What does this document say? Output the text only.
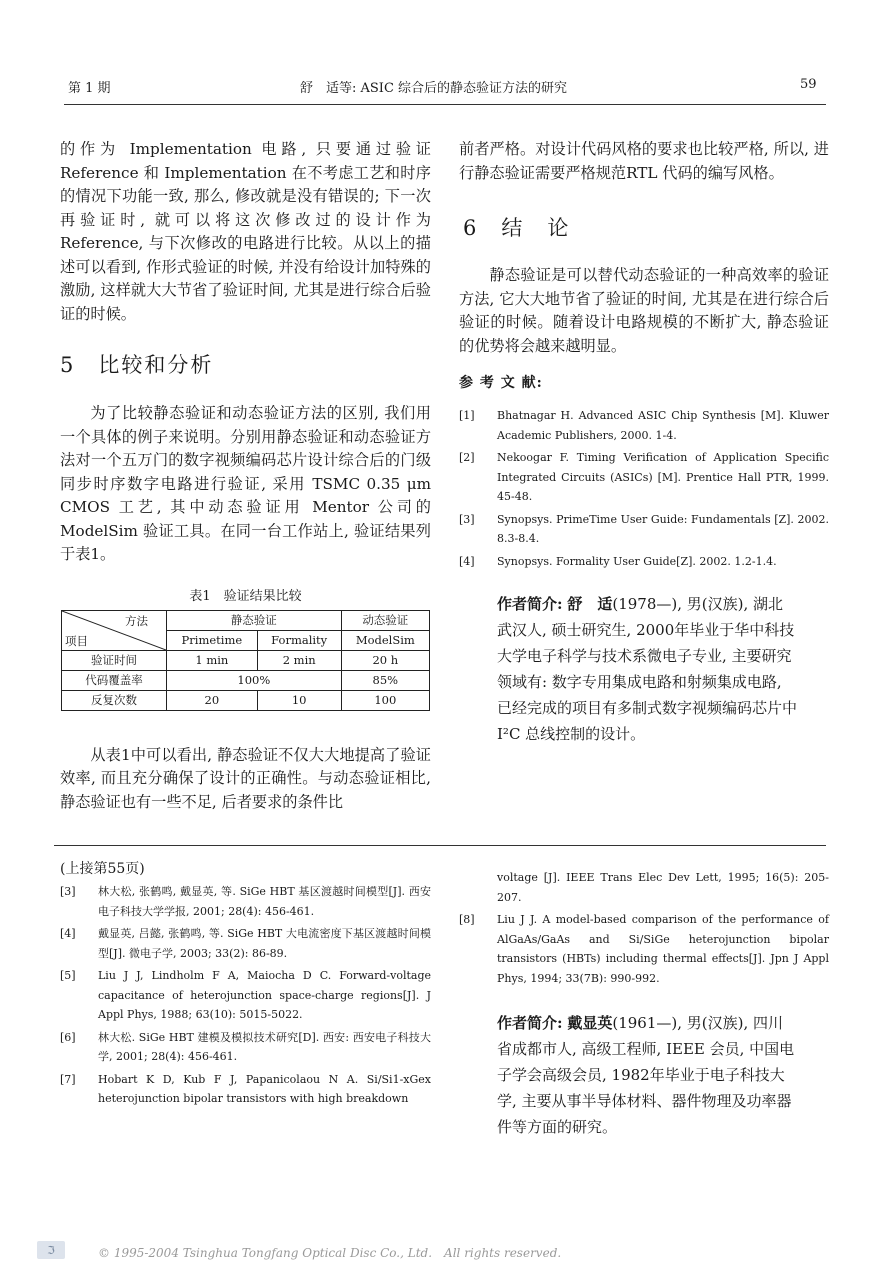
第 1 期	舒　适等: ASIC 综合后的静态验证方法的研究	59

的作为 Implementation 电路, 只要通过验证 Reference 和 Implementation 在不考虑工艺和时序的情况下功能一致, 那么, 修改就是没有错误的; 下一次再验证时, 就可以将这次修改过的设计作为 Reference, 与下次修改的电路进行比较。从以上的描述可以看到, 作形式验证的时候, 并没有给设计加特殊的激励, 这样就大大节省了验证时间, 尤其是进行综合后验证的时候。

5　比较和分析

为了比较静态验证和动态验证方法的区别, 我们用一个具体的例子来说明。分别用静态验证和动态验证方法对一个五万门的数字视频编码芯片设计综合后的门级同步时序数字电路进行验证, 采用 TSMC 0.35 μm CMOS 工艺, 其中动态验证用 Mentor 公司的ModelSim 验证工具。在同一台工作站上, 验证结果列于表1。

表1　验证结果比较
方法
项目	静态验证		动态验证
	Primetime	Formality	ModelSim
验证时间	1 min	2 min	20 h
代码覆盖率	100%		85%
反复次数	20	10	100

从表1中可以看出, 静态验证不仅大大地提高了验证效率, 而且充分确保了设计的正确性。与动态验证相比, 静态验证也有一些不足, 后者要求的条件比

前者严格。对设计代码风格的要求也比较严格, 所以, 进行静态验证需要严格规范RTL 代码的编写风格。

6　结　论

静态验证是可以替代动态验证的一种高效率的验证方法, 它大大地节省了验证的时间, 尤其是在进行综合后验证的时候。随着设计电路规模的不断扩大, 静态验证的优势将会越来越明显。

参 考 文 献:
[1] Bhatnagar H. Advanced ASIC Chip Synthesis [M]. Kluwer Academic Publishers, 2000. 1-4.
[2] Nekoogar F. Timing Verification of Application Specific Integrated Circuits (ASICs) [M]. Prentice Hall PTR, 1999. 45-48.
[3] Synopsys. PrimeTime User Guide: Fundamentals [Z]. 2002. 8.3-8.4.
[4] Synopsys. Formality User Guide[Z]. 2002. 1.2-1.4.

作者简介: 舒　适(1978—), 男(汉族), 湖北武汉人, 硕士研究生, 2000年毕业于华中科技大学电子科学与技术系微电子专业, 主要研究领域有: 数字专用集成电路和射频集成电路, 已经完成的项目有多制式数字视频编码芯片中 I²C 总线控制的设计。

(上接第55页)
[3] 林大松, 张鹤鸣, 戴显英, 等. SiGe HBT 基区渡越时间模型[J]. 西安电子科技大学学报, 2001; 28(4): 456-461.
[4] 戴显英, 吕懿, 张鹤鸣, 等. SiGe HBT 大电流密度下基区渡越时间模型[J]. 微电子学, 2003; 33(2): 86-89.
[5] Liu J J, Lindholm F A, Maiocha D C. Forward-voltage capacitance of heterojunction space-charge regions[J]. J Appl Phys, 1988; 63(10): 5015-5022.
[6] 林大松. SiGe HBT 建模及模拟技术研究[D]. 西安: 西安电子科技大学, 2001; 28(4): 456-461.
[7] Hobart K D, Kub F J, Papanicolaou N A. Si/Si1-xGex heterojunction bipolar transistors with high breakdown
voltage [J]. IEEE Trans Elec Dev Lett, 1995; 16(5): 205-207.
[8] Liu J J. A model-based comparison of the performance of AlGaAs/GaAs and Si/SiGe heterojunction bipolar transistors (HBTs) including thermal effects[J]. Jpn J Appl Phys, 1994; 33(7B): 990-992.

作者简介: 戴显英(1961—), 男(汉族), 四川省成都市人, 高级工程师, IEEE 会员, 中国电子学会高级会员, 1982年毕业于电子科技大学, 主要从事半导体材料、器件物理及功率器件等方面的研究。

ℑ	© 1995-2004 Tsinghua Tongfang Optical Disc Co., Ltd.　All rights reserved.
